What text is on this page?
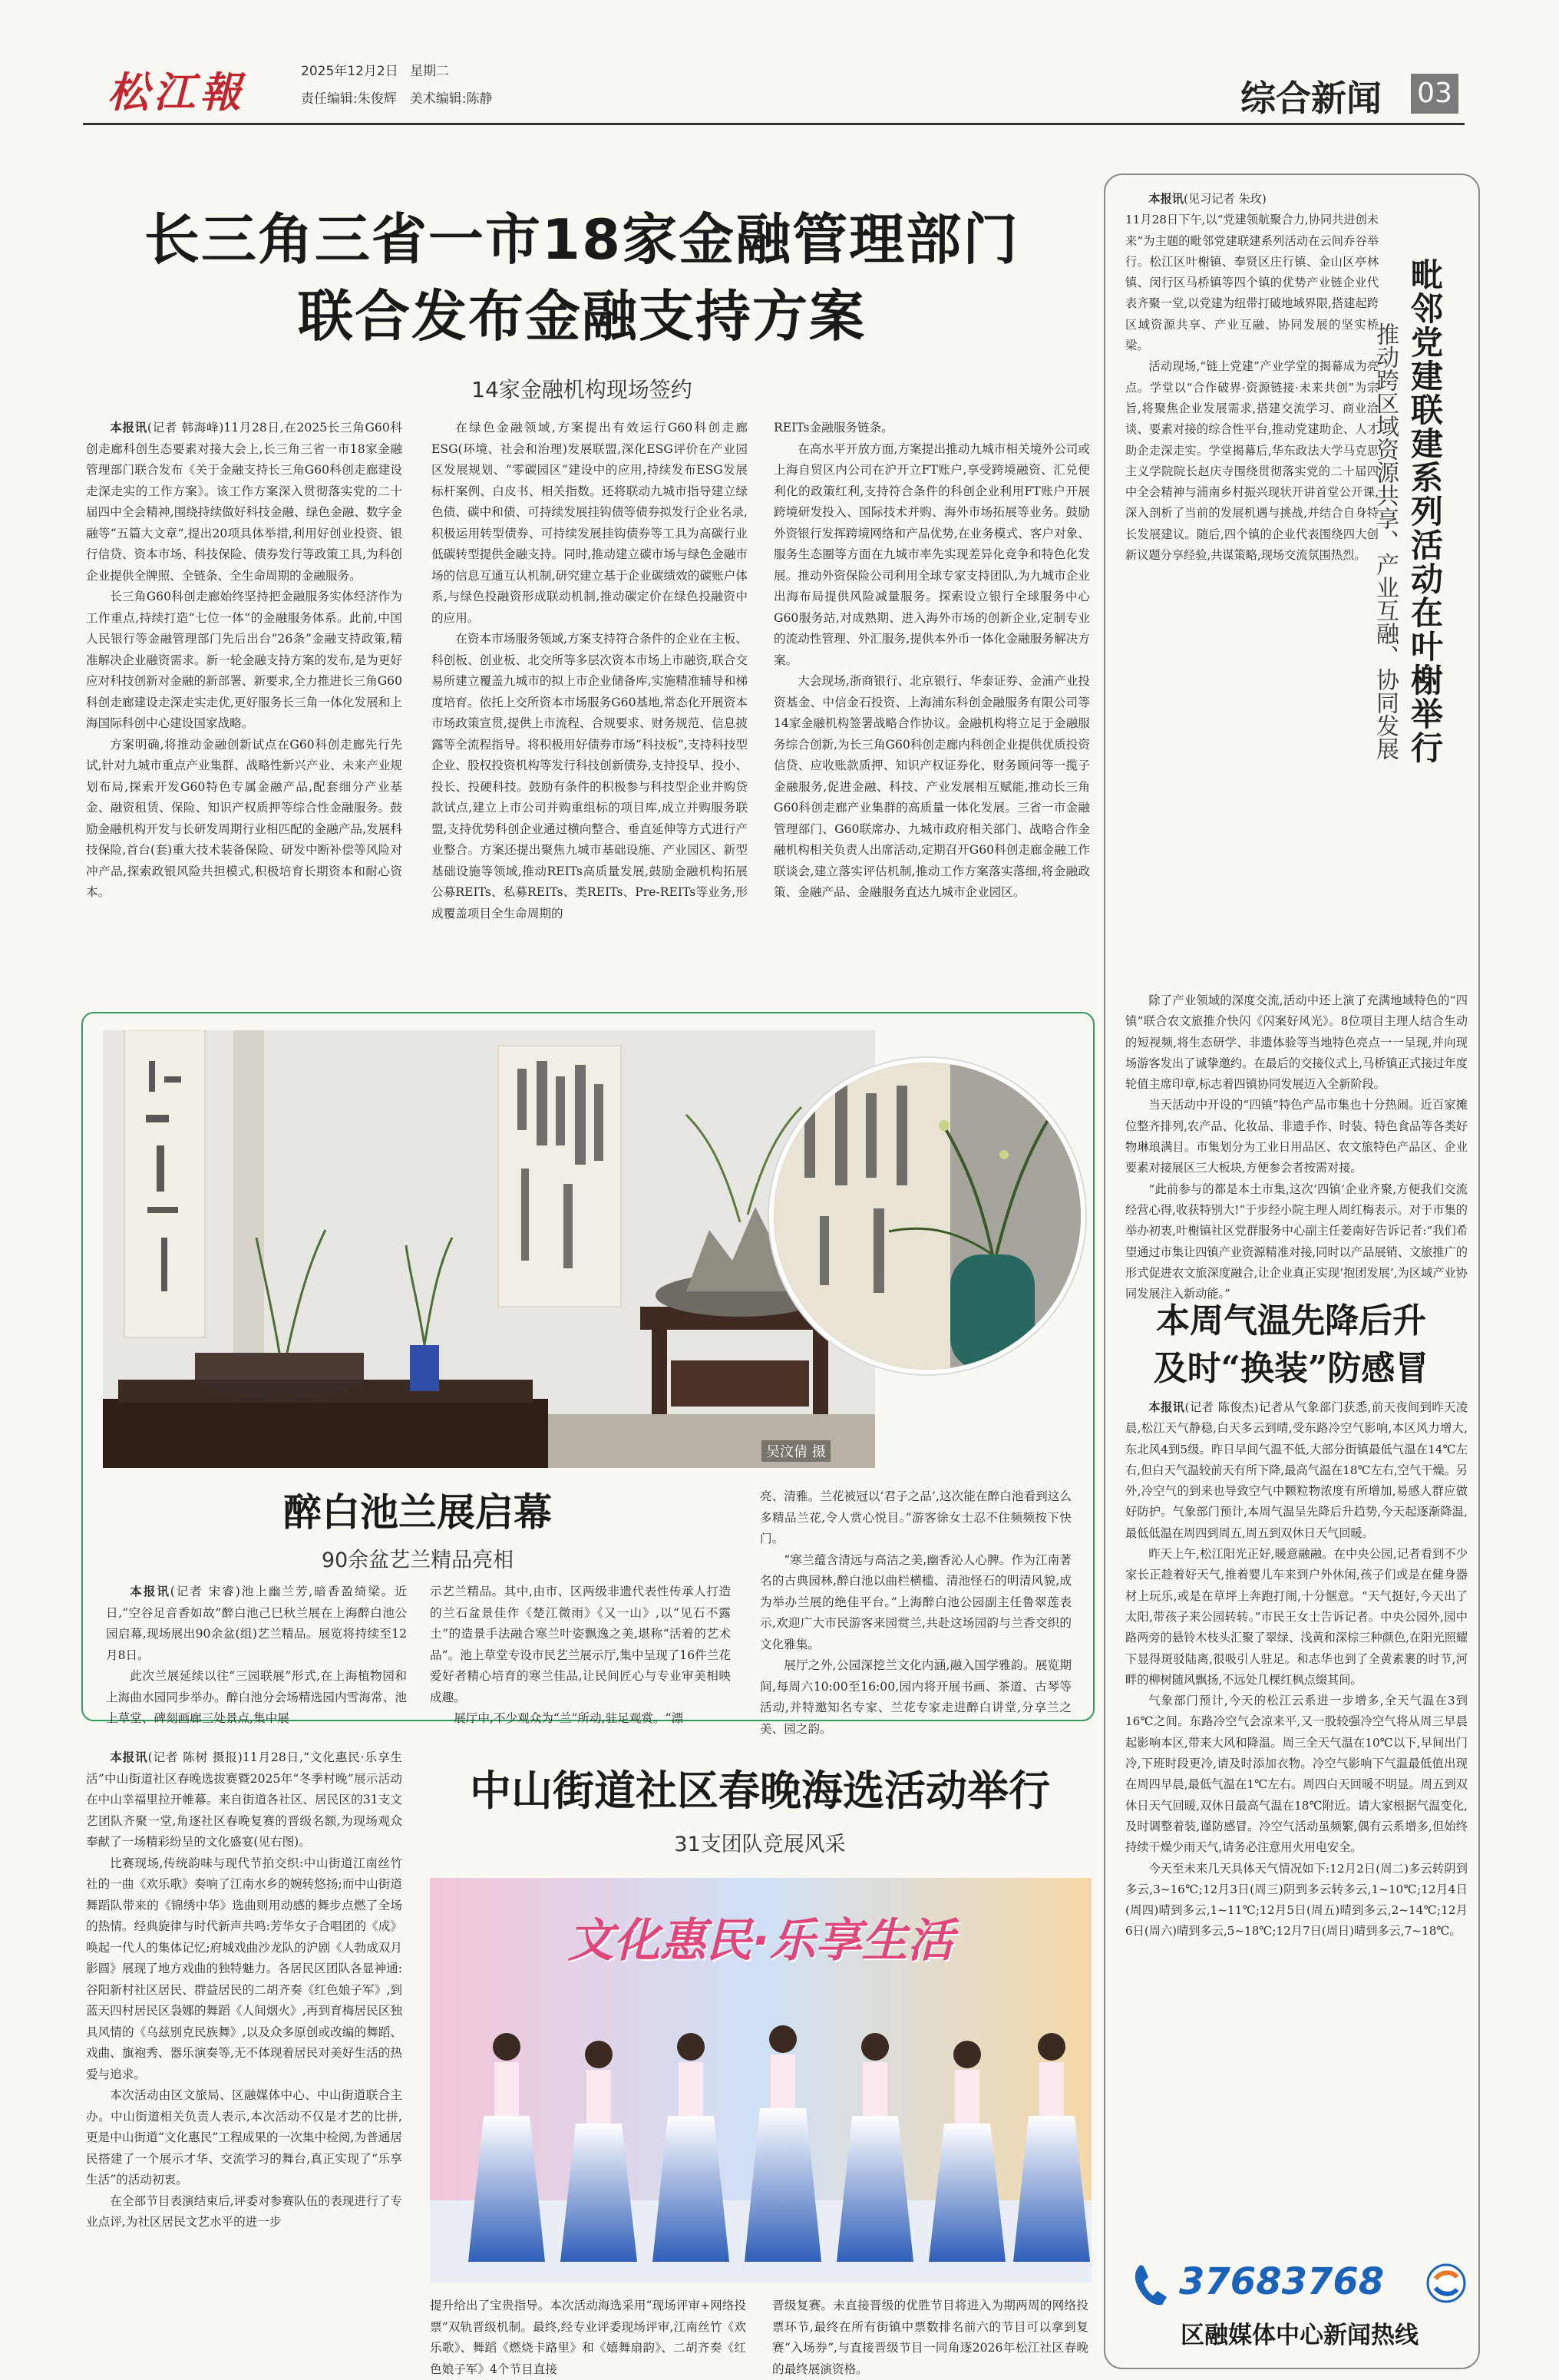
松江報	2025年12月2日 星期二
责任编辑:朱俊辉　美术编辑:陈静	综合新闻 03
长三角三省一市18家金融管理部门
联合发布金融支持方案
14家金融机构现场签约

本报讯(记者 韩海峰)11月28日,在2025长三角G60科创走廊科创生态要素对接大会上,长三角三省一市18家金融管理部门联合发布《关于金融支持长三角G60科创走廊建设走深走实的工作方案》。该工作方案深入贯彻落实党的二十届四中全会精神,围绕持续做好科技金融、绿色金融、数字金融等“五篇大文章”,提出20项具体举措,利用好创业投资、银行信贷、资本市场、科技保险、债券发行等政策工具,为科创企业提供全牌照、全链条、全生命周期的金融服务。

长三角G60科创走廊始终坚持把金融服务实体经济作为工作重点,持续打造“七位一体”的金融服务体系。此前,中国人民银行等金融管理部门先后出台“26条”金融支持政策,精准解决企业融资需求。新一轮金融支持方案的发布,是为更好应对科技创新对金融的新部署、新要求,全力推进长三角G60科创走廊建设走深走实走优,更好服务长三角一体化发展和上海国际科创中心建设国家战略。

方案明确,将推动金融创新试点在G60科创走廊先行先试,针对九城市重点产业集群、战略性新兴产业、未来产业规划布局,探索开发G60特色专属金融产品,配套细分产业基金、融资租赁、保险、知识产权质押等综合性金融服务。鼓励金融机构开发与长研发周期行业相匹配的金融产品,发展科技保险,首台(套)重大技术装备保险、研发中断补偿等风险对冲产品,探索政银风险共担模式,积极培育长期资本和耐心资本。

在绿色金融领域,方案提出有效运行G60科创走廊ESG(环境、社会和治理)发展联盟,深化ESG评价在产业园区发展规划、“零碳园区”建设中的应用,持续发布ESG发展标杆案例、白皮书、相关指数。还将联动九城市指导建立绿色债、碳中和债、可持续发展挂钩债等债券拟发行企业名录,积极运用转型债券、可持续发展挂钩债券等工具为高碳行业低碳转型提供金融支持。同时,推动建立碳市场与绿色金融市场的信息互通互认机制,研究建立基于企业碳绩效的碳账户体系,与绿色投融资形成联动机制,推动碳定价在绿色投融资中的应用。

在资本市场服务领域,方案支持符合条件的企业在主板、科创板、创业板、北交所等多层次资本市场上市融资,联合交易所建立覆盖九城市的拟上市企业储备库,实施精准辅导和梯度培育。依托上交所资本市场服务G60基地,常态化开展资本市场政策宣贯,提供上市流程、合规要求、财务规范、信息披露等全流程指导。将积极用好债券市场“科技板”,支持科技型企业、股权投资机构等发行科技创新债券,支持投早、投小、投长、投硬科技。鼓励有条件的积极参与科技型企业并购贷款试点,建立上市公司并购重组标的项目库,成立并购服务联盟,支持优势科创企业通过横向整合、垂直延伸等方式进行产业整合。方案还提出聚焦九城市基础设施、产业园区、新型基础设施等领域,推动REITs高质量发展,鼓励金融机构拓展公募REITs、私募REITs、类REITs、Pre-REITs等业务,形成覆盖项目全生命周期的

REITs金融服务链条。

在高水平开放方面,方案提出推动九城市相关境外公司或上海自贸区内公司在沪开立FT账户,享受跨境融资、汇兑便利化的政策红利,支持符合条件的科创企业利用FT账户开展跨境研发投入、国际技术并购、海外市场拓展等业务。鼓励外资银行发挥跨境网络和产品优势,在业务模式、客户对象、服务生态圈等方面在九城市率先实现差异化竞争和特色化发展。推动外资保险公司利用全球专家支持团队,为九城市企业出海布局提供风险减量服务。探索设立银行全球服务中心G60服务站,对成熟期、进入海外市场的创新企业,定制专业的流动性管理、外汇服务,提供本外币一体化金融服务解决方案。

大会现场,浙商银行、北京银行、华泰证券、金浦产业投资基金、中信金石投资、上海浦东科创金融服务有限公司等14家金融机构签署战略合作协议。金融机构将立足于金融服务综合创新,为长三角G60科创走廊内科创企业提供优质投资信贷、应收账款质押、知识产权证券化、财务顾问等一揽子金融服务,促进金融、科技、产业发展相互赋能,推动长三角G60科创走廊产业集群的高质量一体化发展。三省一市金融管理部门、G60联席办、九城市政府相关部门、战略合作金融机构相关负责人出席活动,定期召开G60科创走廊金融工作联谈会,建立落实评估机制,推动工作方案落实落细,将金融政策、金融产品、金融服务直达九城市企业园区。

吴汶倩 摄
醉白池兰展启幕
90余盆艺兰精品亮相

本报讯(记者 宋睿)池上幽兰芳,暗香盈绮梁。近日,“空谷足音香如故”醉白池己巳秋兰展在上海醉白池公园启幕,现场展出90余盆(组)艺兰精品。展览将持续至12月8日。

此次兰展延续以往“三园联展”形式,在上海植物园和上海曲水园同步举办。醉白池分会场精选园内雪海常、池上草堂、碑刻画廊三处景点,集中展

示艺兰精品。其中,由市、区两级非遗代表性传承人打造的兰石盆景佳作《楚江微雨》《又一山》,以“见石不露土”的造景手法融合寒兰叶姿飘逸之美,堪称“活着的艺术品”。池上草堂专设市民艺兰展示厅,集中呈现了16件兰花爱好者精心培育的寒兰佳品,让民间匠心与专业审美相映成趣。

展厅中,不少观众为“兰”所动,驻足观赏。“漂

亮、清雅。兰花被冠以‘君子之品’,这次能在醉白池看到这么多精品兰花,令人赏心悦目。”游客徐女士忍不住频频按下快门。

“寒兰蕴含清远与高洁之美,幽香沁人心脾。作为江南著名的古典园林,醉白池以曲栏横槛、清池怪石的明清风貌,成为举办兰展的绝佳平台。”上海醉白池公园副主任鲁翠莲表示,欢迎广大市民游客来园赏兰,共赴这场园韵与兰香交织的文化雅集。

展厅之外,公园深挖兰文化内涵,融入国学雅韵。展览期间,每周六10:00至16:00,园内将开展书画、茶道、古琴等活动,并特邀知名专家、兰花专家走进醉白讲堂,分享兰之美、园之韵。

本报讯(记者 陈树 摄报)11月28日,“文化惠民·乐享生活”中山街道社区春晚选拔赛暨2025年“冬季村晚”展示活动在中山幸福里拉开帷幕。来自街道各社区、居民区的31支文艺团队齐聚一堂,角逐社区春晚复赛的晋级名额,为现场观众奉献了一场精彩纷呈的文化盛宴(见右图)。

比赛现场,传统韵味与现代节拍交织:中山街道江南丝竹社的一曲《欢乐歌》奏响了江南水乡的婉转悠扬;而中山街道舞蹈队带来的《锦绣中华》选曲则用动感的舞步点燃了全场的热情。经典旋律与时代新声共鸣:芳华女子合唱团的《成》唤起一代人的集体记忆;府城戏曲沙龙队的沪剧《人勃成双月影圆》展现了地方戏曲的独特魅力。各居民区团队各显神通:谷阳新村社区居民、群益居民的二胡齐奏《红色娘子军》,到蓝天四村居民区袅娜的舞蹈《人间烟火》,再到育梅居民区独具风情的《乌兹别克民族舞》,以及众多原创或改编的舞蹈、戏曲、旗袍秀、器乐演奏等,无不体现着居民对美好生活的热爱与追求。

本次活动由区文旅局、区融媒体中心、中山街道联合主办。中山街道相关负责人表示,本次活动不仅是才艺的比拼,更是中山街道“文化惠民”工程成果的一次集中检阅,为普通居民搭建了一个展示才华、交流学习的舞台,真正实现了“乐享生活”的活动初衷。

在全部节目表演结束后,评委对参赛队伍的表现进行了专业点评,为社区居民文艺水平的进一步

中山街道社区春晚海选活动举行
31支团队竞展风采
文化惠民·乐享生活

提升给出了宝贵指导。本次活动海选采用“现场评审+网络投票”双轨晋级机制。最终,经专业评委现场评审,江南丝竹《欢乐歌》、舞蹈《燃烧卡路里》和《嬉舞扇韵》、二胡齐奏《红色娘子军》4个节目直接

晋级复赛。未直接晋级的优胜节目将进入为期两周的网络投票环节,最终在所有街镇中票数排名前六的节目可以拿到复赛“入场券”,与直接晋级节目一同角逐2026年松江社区春晚的最终展演资格。

本报讯(见习记者 朱玫)

11月28日下午,以“党建领航聚合力,协同共进创未来”为主题的毗邻党建联建系列活动在云间乔谷举行。松江区叶榭镇、奉贤区庄行镇、金山区亭林镇、闵行区马桥镇等四个镇的优势产业链企业代表齐聚一堂,以党建为纽带打破地域界限,搭建起跨区域资源共享、产业互融、协同发展的坚实桥梁。

活动现场,“链上党建”产业学堂的揭幕成为亮点。学堂以“合作破界·资源链接·未来共创”为宗旨,将聚焦企业发展需求,搭建交流学习、商业洽谈、要素对接的综合性平台,推动党建助企、人才助企走深走实。学堂揭幕后,华东政法大学马克思主义学院院长赵庆寺围绕贯彻落实党的二十届四中全会精神与浦南乡村振兴现状开讲首堂公开课,深入剖析了当前的发展机遇与挑战,并结合自身特长发展建议。随后,四个镇的企业代表围绕四大创新议题分享经验,共谋策略,现场交流氛围热烈。

除了产业领域的深度交流,活动中还上演了充满地域特色的“四镇”联合农文旅推介快闪《闪案好风光》。8位项目主理人结合生动的短视频,将生态研学、非遗体验等当地特色亮点一一呈现,并向现场游客发出了诚挚邀约。在最后的交接仪式上,马桥镇正式接过年度轮值主席印章,标志着四镇协同发展迈入全新阶段。

当天活动中开设的“四镇”特色产品市集也十分热闹。近百家摊位整齐排列,农产品、化妆品、非遗手作、时装、特色食品等各类好物琳琅满目。市集划分为工业日用品区、农文旅特色产品区、企业要素对接展区三大板块,方便参会者按需对接。

“此前参与的都是本土市集,这次‘四镇’企业齐聚,方便我们交流经营心得,收获特别大!”于步经小院主理人周红梅表示。对于市集的举办初衷,叶榭镇社区党群服务中心副主任姜南好告诉记者:“我们希望通过市集让四镇产业资源精准对接,同时以产品展销、文旅推广的形式促进农文旅深度融合,让企业真正实现‘抱团发展’,为区域产业协同发展注入新动能。”

毗邻党建联建系列活动在叶榭举行
推动跨区域资源共享、产业互融、协同发展
本周气温先降后升
及时“换装”防感冒

本报讯(记者 陈俊杰)记者从气象部门获悉,前天夜间到昨天凌晨,松江天气静稳,白天多云到晴,受东路冷空气影响,本区风力增大,东北风4到5级。昨日早间气温不低,大部分街镇最低气温在14℃左右,但白天气温较前天有所下降,最高气温在18℃左右,空气干燥。另外,冷空气的到来也导致空气中颗粒物浓度有所增加,易感人群应做好防护。气象部门预计,本周气温呈先降后升趋势,今天起逐渐降温,最低低温在周四到周五,周五到双休日天气回暖。

昨天上午,松江阳光正好,暖意融融。在中央公园,记者看到不少家长正趁着好天气,推着婴儿车来到户外休闲,孩子们或是在健身器材上玩乐,或是在草坪上奔跑打闹,十分惬意。“天气挺好,今天出了太阳,带孩子来公园转转。”市民王女士告诉记者。中央公园外,园中路两旁的悬铃木枝头汇聚了翠绿、浅黄和深棕三种颜色,在阳光照耀下显得斑驳陆离,很吸引人驻足。和志华也到了全黄素裹的时节,河畔的柳树随风飘扬,不远处几棵红枫点缀其间。

气象部门预计,今天的松江云系进一步增多,全天气温在3到16℃之间。东路冷空气会凉来平,又一股较强冷空气将从周三早晨起影响本区,带来大风和降温。周三全天气温在10℃以下,早间出门冷,下班时段更冷,请及时添加衣物。冷空气影响下气温最低值出现在周四早晨,最低气温在1℃左右。周四白天回暖不明显。周五到双休日天气回暖,双休日最高气温在18℃附近。请大家根据气温变化,及时调整着装,谨防感冒。冷空气活动虽频繁,偶有云系增多,但始终持续干燥少雨天气,请务必注意用火用电安全。

今天至未来几天具体天气情况如下:12月2日(周二)多云转阴到多云,3~16℃;12月3日(周三)阴到多云转多云,1~10℃;12月4日(周四)晴到多云,1~11℃;12月5日(周五)晴到多云,2~14℃;12月6日(周六)晴到多云,5~18℃;12月7日(周日)晴到多云,7~18℃。

37683768
区融媒体中心新闻热线
